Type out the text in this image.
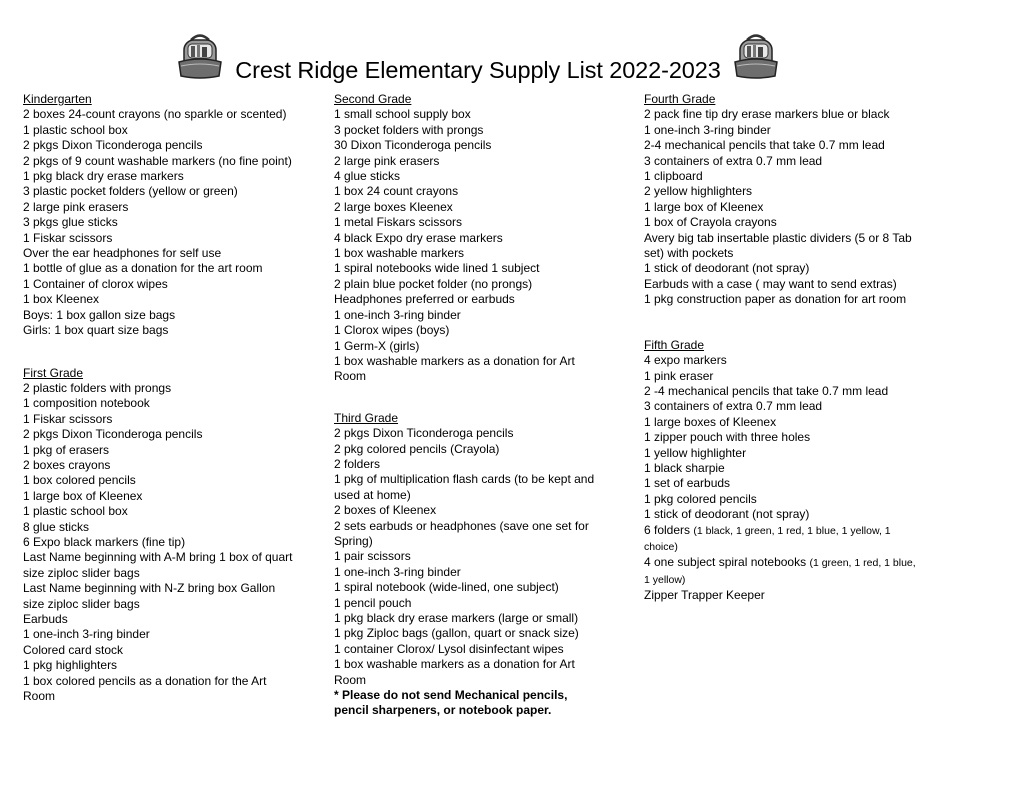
Crest Ridge Elementary Supply List 2022-2023
Kindergarten
2 boxes 24-count crayons (no sparkle or scented)
1 plastic school box
2 pkgs Dixon Ticonderoga pencils
2 pkgs of 9 count washable markers (no fine point)
1 pkg black dry erase markers
3 plastic pocket folders (yellow or green)
2 large pink erasers
3 pkgs glue sticks
1 Fiskar scissors
Over the ear headphones for self use
1 bottle of glue as a donation for the art room
1 Container of clorox wipes
1 box Kleenex
Boys: 1 box gallon size bags
Girls: 1 box quart size bags
First Grade
2 plastic folders with prongs
1 composition notebook
1 Fiskar scissors
2 pkgs Dixon Ticonderoga pencils
1 pkg of erasers
2 boxes crayons
1 box colored pencils
1 large box of Kleenex
1 plastic school box
8 glue sticks
6 Expo black markers (fine tip)
Last Name beginning with A-M bring 1 box of quart size ziploc slider bags
Last Name beginning with N-Z bring box Gallon size ziploc slider bags
Earbuds
1 one-inch 3-ring binder
Colored card stock
1 pkg highlighters
1 box colored pencils as a donation for the Art Room
Second Grade
1 small school supply box
3 pocket folders with prongs
30 Dixon Ticonderoga pencils
2 large pink erasers
4 glue sticks
1 box 24 count crayons
2 large boxes Kleenex
1 metal Fiskars scissors
4 black Expo dry erase markers
1 box washable markers
1 spiral notebooks wide lined 1 subject
2 plain blue pocket folder (no prongs)
Headphones preferred or earbuds
1 one-inch 3-ring binder
1 Clorox wipes (boys)
1 Germ-X (girls)
1 box washable markers as a donation for Art Room
Third Grade
2 pkgs Dixon Ticonderoga pencils
2 pkg colored pencils (Crayola)
2 folders
1 pkg of multiplication flash cards (to be kept and used at home)
2 boxes of Kleenex
2 sets earbuds or headphones (save one set for Spring)
1 pair scissors
1 one-inch 3-ring binder
1 spiral notebook (wide-lined, one subject)
1 pencil pouch
1 pkg black dry erase markers (large or small)
1 pkg Ziploc bags (gallon, quart or snack size)
1 container Clorox/ Lysol disinfectant wipes
1 box washable markers as a donation for Art Room
* Please do not send Mechanical pencils, pencil sharpeners, or notebook paper.
Fourth Grade
2 pack fine tip dry erase markers blue or black
1 one-inch 3-ring binder
2-4 mechanical pencils that take 0.7 mm lead
3 containers of extra 0.7 mm lead
1 clipboard
2 yellow highlighters
1 large box of Kleenex
1 box of Crayola crayons
Avery big tab insertable plastic dividers (5 or 8 Tab set) with pockets
1 stick of deodorant (not spray)
Earbuds with a case ( may want to send extras)
1 pkg construction paper as donation for art room
Fifth Grade
4 expo markers
1 pink eraser
2 -4 mechanical pencils that take 0.7 mm lead
3 containers of extra 0.7 mm lead
1 large boxes of Kleenex
1 zipper pouch with three holes
1 yellow highlighter
1 black sharpie
1 set of earbuds
1 pkg colored pencils
1 stick of deodorant (not spray)
6 folders (1 black, 1 green, 1 red, 1 blue, 1 yellow, 1 choice)
4 one subject spiral notebooks (1 green, 1 red, 1 blue, 1 yellow)
Zipper Trapper Keeper
